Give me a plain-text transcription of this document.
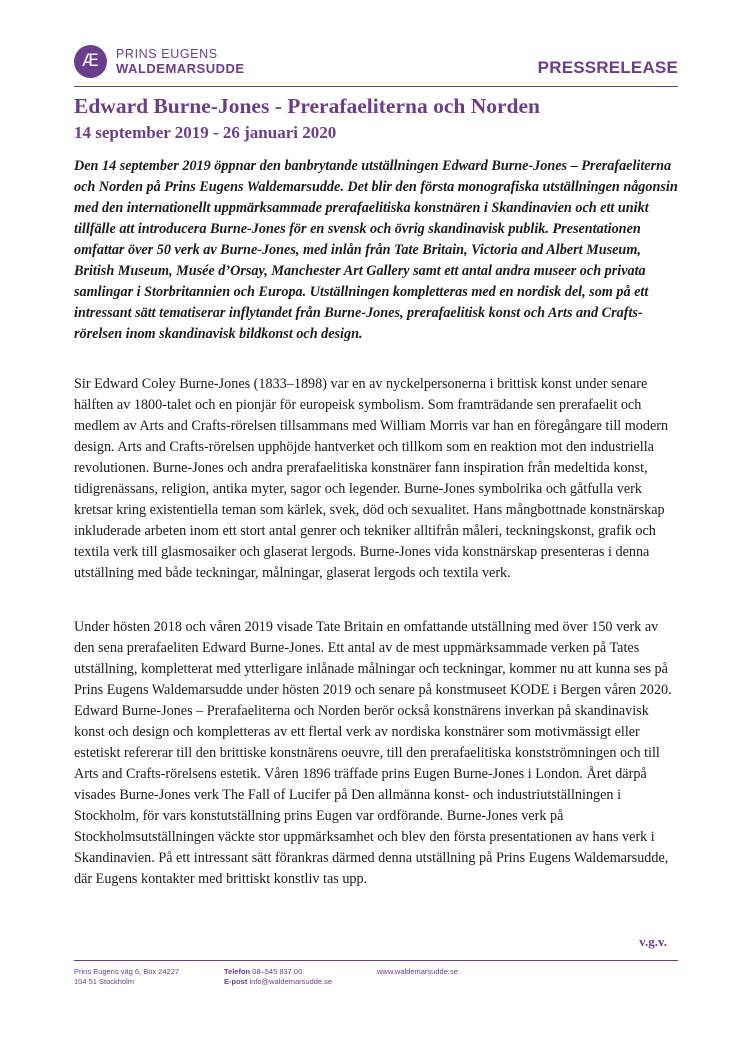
Æ PRINS EUGENS
WALDEMARSUDDE	PRESSRELEASE
Edward Burne-Jones - Prerafaeliterna och Norden
14 september 2019 - 26 januari 2020

Den 14 september 2019 öppnar den banbrytande utställningen Edward Burne-Jones – Prerafaeliterna och Norden på Prins Eugens Waldemarsudde. Det blir den första monografiska utställningen någonsin med den internationellt uppmärksammade prerafaelitiska konstnären i Skandinavien och ett unikt tillfälle att introducera Burne-Jones för en svensk och övrig skandinavisk publik. Presentationen omfattar över 50 verk av Burne-Jones, med inlån från Tate Britain, Victoria and Albert Museum, British Museum, Musée d’Orsay, Manchester Art Gallery samt ett antal andra museer och privata samlingar i Storbritannien och Europa. Utställningen kompletteras med en nordisk del, som på ett intressant sätt tematiserar inflytandet från Burne-Jones, prerafaelitisk konst och Arts and Crafts-rörelsen inom skandinavisk bildkonst och design.

Sir Edward Coley Burne-Jones (1833–1898) var en av nyckelpersonerna i brittisk konst under senare hälften av 1800-talet och en pionjär för europeisk symbolism. Som framträdande sen prerafaelit och medlem av Arts and Crafts-rörelsen tillsammans med William Morris var han en föregångare till modern design. Arts and Crafts-rörelsen upphöjde hantverket och tillkom som en reaktion mot den industriella revolutionen. Burne-Jones och andra prerafaelitiska konstnärer fann inspiration från medeltida konst, tidigrenässans, religion, antika myter, sagor och legender. Burne-Jones symbolrika och gåtfulla verk kretsar kring existentiella teman som kärlek, svek, död och sexualitet. Hans mångbottnade konstnärskap inkluderade arbeten inom ett stort antal genrer och tekniker alltifrån måleri, teckningskonst, grafik och textila verk till glasmosaiker och glaserat lergods. Burne-Jones vida konstnärskap presenteras i denna utställning med både teckningar, målningar, glaserat lergods och textila verk.

Under hösten 2018 och våren 2019 visade Tate Britain en omfattande utställning med över 150 verk av den sena prerafaeliten Edward Burne-Jones. Ett antal av de mest uppmärksammade verken på Tates utställning, kompletterat med ytterligare inlånade målningar och teckningar, kommer nu att kunna ses på Prins Eugens Waldemarsudde under hösten 2019 och senare på konstmuseet KODE i Bergen våren 2020. Edward Burne-Jones – Prerafaeliterna och Norden berör också konstnärens inverkan på skandinavisk konst och design och kompletteras av ett flertal verk av nordiska konstnärer som motivmässigt eller estetiskt refererar till den brittiske konstnärens oeuvre, till den prerafaelitiska konstströmningen och till Arts and Crafts-rörelsens estetik. Våren 1896 träffade prins Eugen Burne-Jones i London. Året därpå visades Burne-Jones verk The Fall of Lucifer på Den allmänna konst- och industriutställningen i Stockholm, för vars konstutställning prins Eugen var ordförande. Burne-Jones verk på Stockholmsutställningen väckte stor uppmärksamhet och blev den första presentationen av hans verk i Skandinavien. På ett intressant sätt förankras därmed denna utställning på Prins Eugens Waldemarsudde, där Eugens kontakter med brittiskt konstliv tas upp.

v.g.v.
Prins Eugens väg 6, Box 24227
104 51 Stockholm
Telefon 08–545 837 00
E-post info@waldemarsudde.se
www.waldemarsudde.se
